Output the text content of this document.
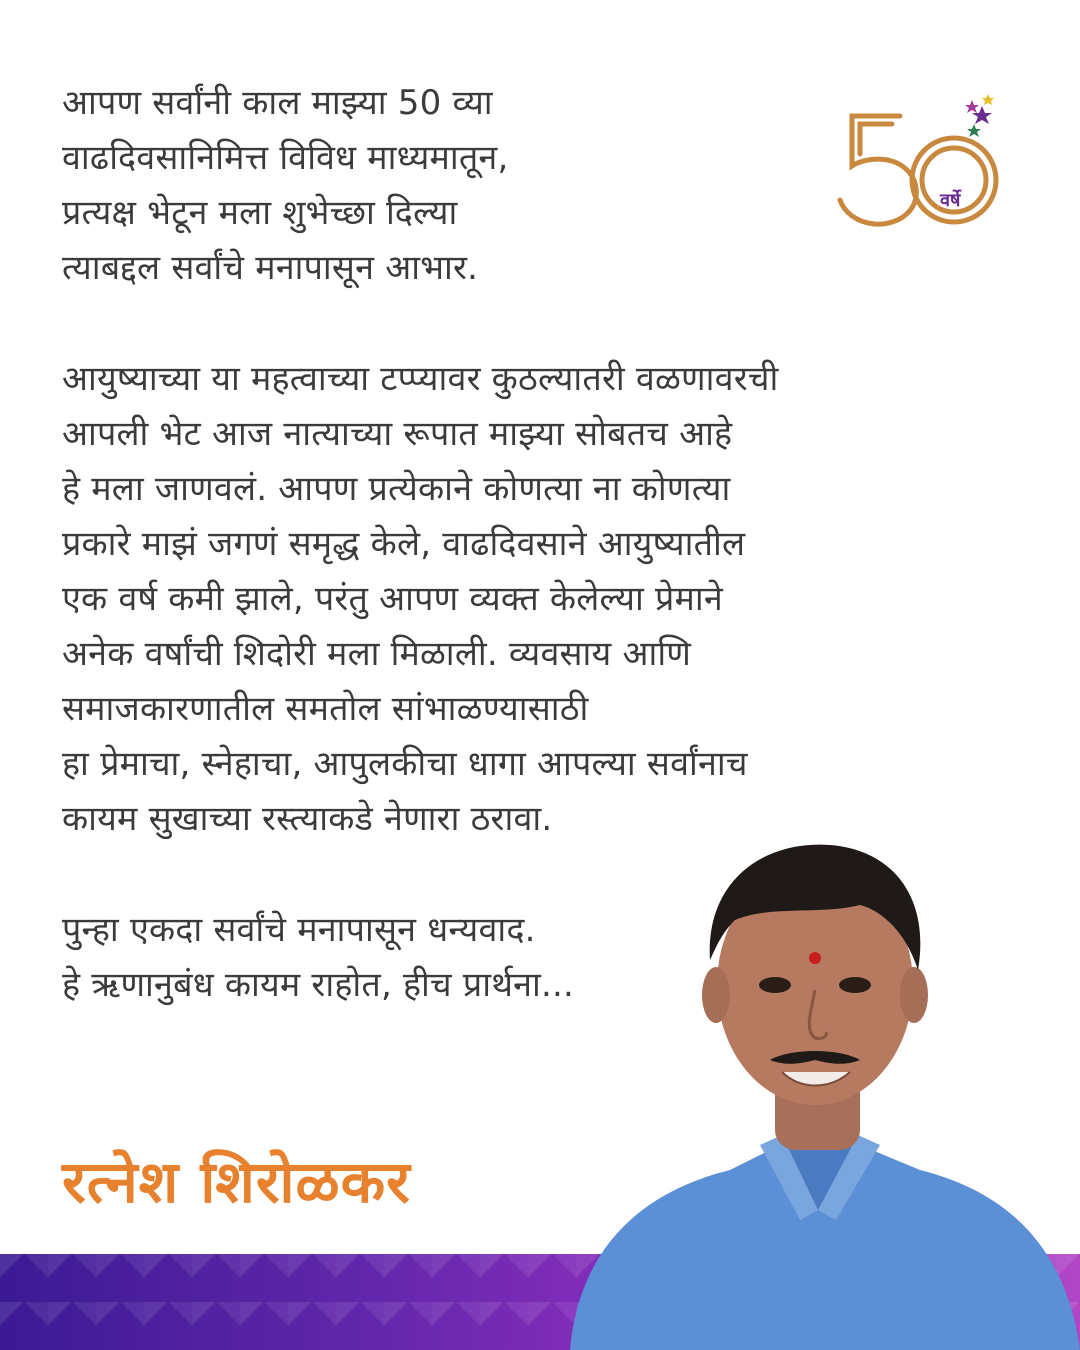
आपण सर्वांनी काल माझ्या 50 व्या
वाढदिवसानिमित्त विविध माध्यमातून,
प्रत्यक्ष भेटून मला शुभेच्छा दिल्या
त्याबद्दल सर्वांचे मनापासून आभार.

आयुष्याच्या या महत्वाच्या टप्प्यावर कुठल्यातरी वळणावरची
आपली भेट आज नात्याच्या रूपात माझ्या सोबतच आहे
हे मला जाणवलं. आपण प्रत्येकाने कोणत्या ना कोणत्या
प्रकारे माझं जगणं समृद्ध केले, वाढदिवसाने आयुष्यातील
एक वर्ष कमी झाले, परंतु आपण व्यक्त केलेल्या प्रेमाने
अनेक वर्षांची शिदोरी मला मिळाली. व्यवसाय आणि
समाजकारणातील समतोल सांभाळण्यासाठी
हा प्रेमाचा, स्नेहाचा, आपुलकीचा धागा आपल्या सर्वांनाच
कायम सुखाच्या रस्त्याकडे नेणारा ठरावा.

पुन्हा एकदा सर्वांचे मनापासून धन्यवाद.
हे ऋणानुबंध कायम राहोत, हीच प्रार्थना...

वर्षे
रत्नेश शिरोळकर
